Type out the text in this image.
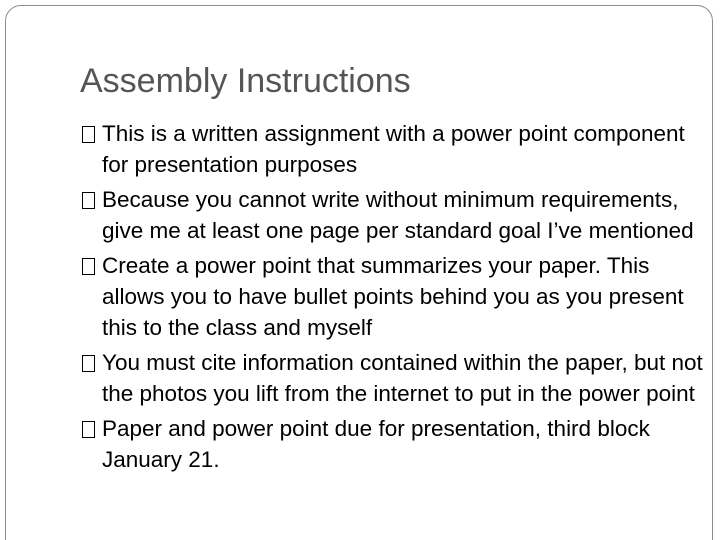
Assembly Instructions
This is a written assignment with a power point component for presentation purposes
Because you cannot write without minimum requirements, give me at least one page per standard goal I’ve mentioned
Create a power point that summarizes your paper. This allows you to have bullet points behind you as you present this to the class and myself
You must cite information contained within the paper, but not the photos you lift from the internet to put in the power point
Paper and power point due for presentation, third block January 21.
